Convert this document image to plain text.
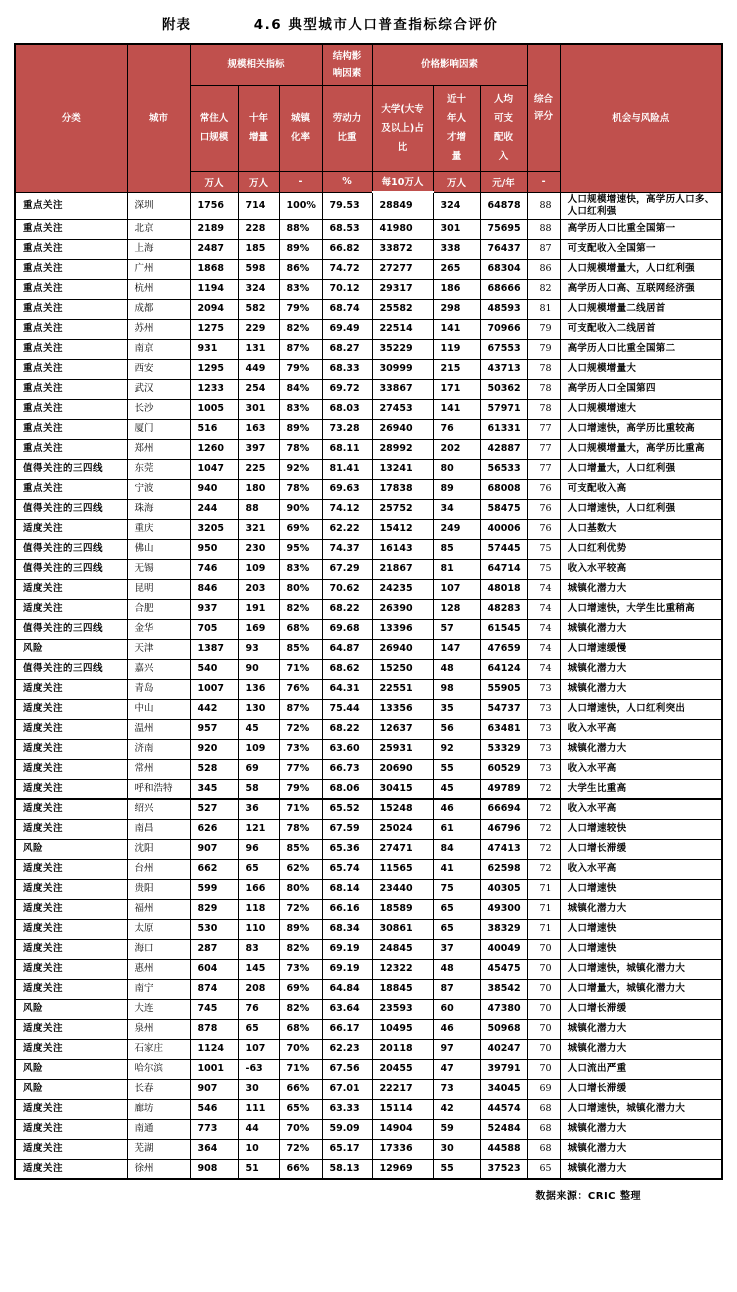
附表	4.6 典型城市人口普查指标综合评价
分类	城市	规模相关指标			结构影响因素	价格影响因素			综合评分	机会与风险点
		常住人口规模	十年增量	城镇化率	劳动力比重	大学(大专及以上)占比	近十年人才增量	人均可支配收入		
		万人	万人	-	%	每10万人	万人	元/年	-	
重点关注	深圳	1756	714	100%	79.53	28849	324	64878	88	人口规模增速快，高学历人口多、人口红利强
重点关注	北京	2189	228	88%	68.53	41980	301	75695	88	高学历人口比重全国第一
重点关注	上海	2487	185	89%	66.82	33872	338	76437	87	可支配收入全国第一
重点关注	广州	1868	598	86%	74.72	27277	265	68304	86	人口规模增量大，人口红利强
重点关注	杭州	1194	324	83%	70.12	29317	186	68666	82	高学历人口高、互联网经济强
重点关注	成都	2094	582	79%	68.74	25582	298	48593	81	人口规模增量二线居首
重点关注	苏州	1275	229	82%	69.49	22514	141	70966	79	可支配收入二线居首
重点关注	南京	931	131	87%	68.27	35229	119	67553	79	高学历人口比重全国第二
重点关注	西安	1295	449	79%	68.33	30999	215	43713	78	人口规模增量大
重点关注	武汉	1233	254	84%	69.72	33867	171	50362	78	高学历人口全国第四
重点关注	长沙	1005	301	83%	68.03	27453	141	57971	78	人口规模增速大
重点关注	厦门	516	163	89%	73.28	26940	76	61331	77	人口增速快，高学历比重较高
重点关注	郑州	1260	397	78%	68.11	28992	202	42887	77	人口规模增量大，高学历比重高
值得关注的三四线	东莞	1047	225	92%	81.41	13241	80	56533	77	人口增量大，人口红利强
重点关注	宁波	940	180	78%	69.63	17838	89	68008	76	可支配收入高
值得关注的三四线	珠海	244	88	90%	74.12	25752	34	58475	76	人口增速快，人口红利强
适度关注	重庆	3205	321	69%	62.22	15412	249	40006	76	人口基数大
值得关注的三四线	佛山	950	230	95%	74.37	16143	85	57445	75	人口红利优势
值得关注的三四线	无锡	746	109	83%	67.29	21867	81	64714	75	收入水平较高
适度关注	昆明	846	203	80%	70.62	24235	107	48018	74	城镇化潜力大
适度关注	合肥	937	191	82%	68.22	26390	128	48283	74	人口增速快，大学生比重稍高
值得关注的三四线	金华	705	169	68%	69.68	13396	57	61545	74	城镇化潜力大
风险	天津	1387	93	85%	64.87	26940	147	47659	74	人口增速缓慢
值得关注的三四线	嘉兴	540	90	71%	68.62	15250	48	64124	74	城镇化潜力大
适度关注	青岛	1007	136	76%	64.31	22551	98	55905	73	城镇化潜力大
适度关注	中山	442	130	87%	75.44	13356	35	54737	73	人口增速快，人口红利突出
适度关注	温州	957	45	72%	68.22	12637	56	63481	73	收入水平高
适度关注	济南	920	109	73%	63.60	25931	92	53329	73	城镇化潜力大
适度关注	常州	528	69	77%	66.73	20690	55	60529	73	收入水平高
适度关注	呼和浩特	345	58	79%	68.06	30415	45	49789	72	大学生比重高
适度关注	绍兴	527	36	71%	65.52	15248	46	66694	72	收入水平高
适度关注	南昌	626	121	78%	67.59	25024	61	46796	72	人口增速较快
风险	沈阳	907	96	85%	65.36	27471	84	47413	72	人口增长滞缓
适度关注	台州	662	65	62%	65.74	11565	41	62598	72	收入水平高
适度关注	贵阳	599	166	80%	68.14	23440	75	40305	71	人口增速快
适度关注	福州	829	118	72%	66.16	18589	65	49300	71	城镇化潜力大
适度关注	太原	530	110	89%	68.34	30861	65	38329	71	人口增速快
适度关注	海口	287	83	82%	69.19	24845	37	40049	70	人口增速快
适度关注	惠州	604	145	73%	69.19	12322	48	45475	70	人口增速快，城镇化潜力大
适度关注	南宁	874	208	69%	64.84	18845	87	38542	70	人口增量大，城镇化潜力大
风险	大连	745	76	82%	63.64	23593	60	47380	70	人口增长滞缓
适度关注	泉州	878	65	68%	66.17	10495	46	50968	70	城镇化潜力大
适度关注	石家庄	1124	107	70%	62.23	20118	97	40247	70	城镇化潜力大
风险	哈尔滨	1001	-63	71%	67.56	20455	47	39791	70	人口流出严重
风险	长春	907	30	66%	67.01	22217	73	34045	69	人口增长滞缓
适度关注	廊坊	546	111	65%	63.33	15114	42	44574	68	人口增速快，城镇化潜力大
适度关注	南通	773	44	70%	59.09	14904	59	52484	68	城镇化潜力大
适度关注	芜湖	364	10	72%	65.17	17336	30	44588	68	城镇化潜力大
适度关注	徐州	908	51	66%	58.13	12969	55	37523	65	城镇化潜力大
数据来源：CRIC 整理
